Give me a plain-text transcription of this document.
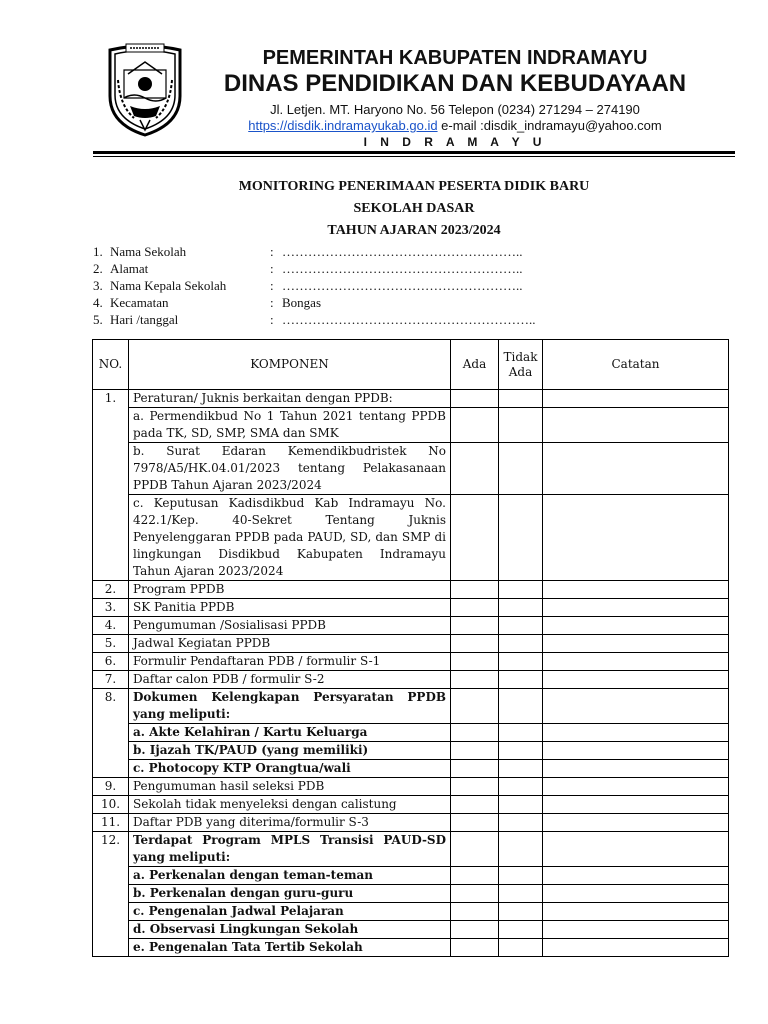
PEMERINTAH KABUPATEN INDRAMAYU
DINAS PENDIDIKAN DAN KEBUDAYAAN
Jl. Letjen. MT. Haryono No. 56 Telepon (0234) 271294 – 274190
https://disdik.indramayukab.go.id e-mail :disdik_indramayu@yahoo.com
I N D R A M A Y U
MONITORING PENERIMAAN PESERTA DIDIK BARU
SEKOLAH DASAR
TAHUN AJARAN 2023/2024
1. Nama Sekolah	: ………………………………………………..
2. Alamat	: ………………………………………………..
3. Nama Kepala Sekolah	: ………………………………………………..
4. Kecamatan	: Bongas
5. Hari /tanggal	: …………………………………………………..
NO.	KOMPONEN	Ada	Tidak Ada	Catatan
1.	Peraturan/ Juknis berkaitan dengan PPDB:			
	a. Permendikbud No 1 Tahun 2021 tentang PPDB pada TK, SD, SMP, SMA dan SMK			
	b. Surat Edaran Kemendikbudristek No 7978/A5/HK.04.01/2023 tentang Pelakasanaan PPDB Tahun Ajaran 2023/2024			
	c. Keputusan Kadisdikbud Kab Indramayu No. 422.1/Kep. 40-Sekret Tentang Juknis Penyelenggaran PPDB pada PAUD, SD, dan SMP di lingkungan Disdikbud Kabupaten Indramayu Tahun Ajaran 2023/2024			
2.	Program PPDB			
3.	SK Panitia PPDB			
4.	Pengumuman /Sosialisasi PPDB			
5.	Jadwal Kegiatan PPDB			
6.	Formulir Pendaftaran PDB / formulir S-1			
7.	Daftar calon PDB / formulir S-2			
8.	Dokumen Kelengkapan Persyaratan PPDB yang meliputi:			
	a. Akte Kelahiran / Kartu Keluarga			
	b. Ijazah TK/PAUD (yang memiliki)			
	c. Photocopy KTP Orangtua/wali			
9.	Pengumuman hasil seleksi PDB			
10.	Sekolah tidak menyeleksi dengan calistung			
11.	Daftar PDB yang diterima/formulir S-3			
12.	Terdapat Program MPLS Transisi PAUD-SD yang meliputi:			
	a. Perkenalan dengan teman-teman			
	b. Perkenalan dengan guru-guru			
	c. Pengenalan Jadwal Pelajaran			
	d. Observasi Lingkungan Sekolah			
	e. Pengenalan Tata Tertib Sekolah			
